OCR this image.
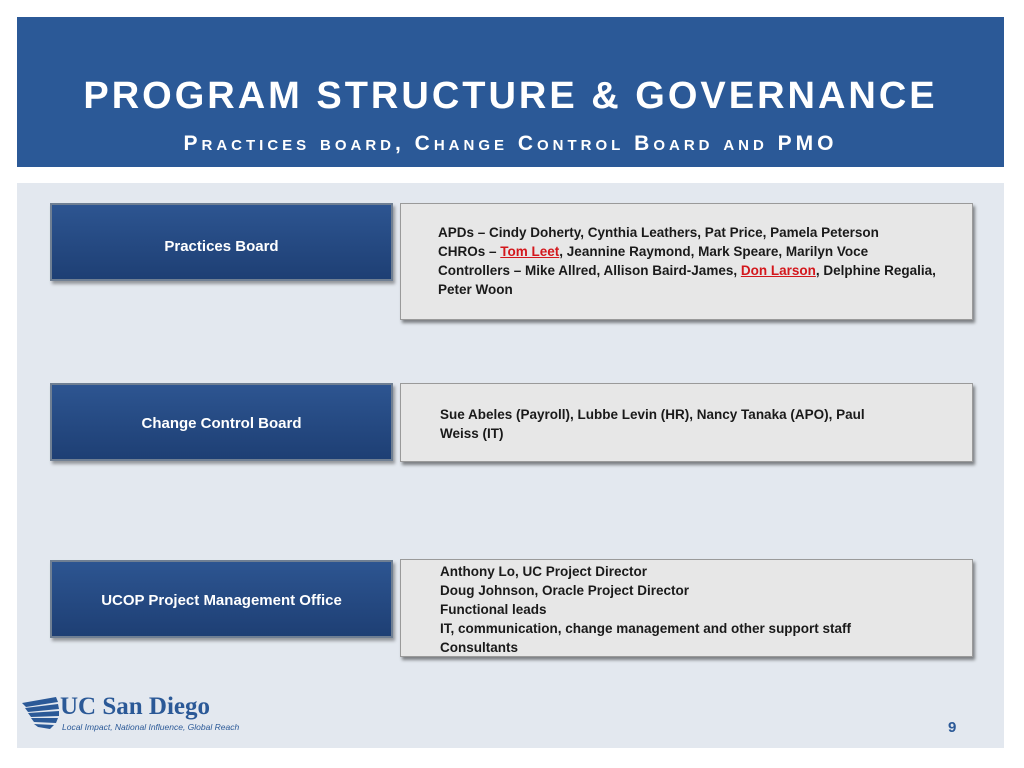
PROGRAM STRUCTURE & GOVERNANCE
Practices board, Change Control Board and PMO
Practices Board
APDs – Cindy Doherty, Cynthia Leathers, Pat Price, Pamela Peterson
CHROs – Tom Leet, Jeannine Raymond, Mark Speare, Marilyn Voce
Controllers – Mike Allred, Allison Baird-James, Don Larson, Delphine Regalia, Peter Woon
Change Control Board
Sue Abeles (Payroll), Lubbe Levin (HR), Nancy Tanaka (APO), Paul Weiss (IT)
UCOP Project Management Office
Anthony Lo, UC Project Director
Doug Johnson, Oracle Project Director
Functional leads
IT, communication, change management and other support staff
Consultants
UC San Diego
Local Impact, National Influence, Global Reach	9
